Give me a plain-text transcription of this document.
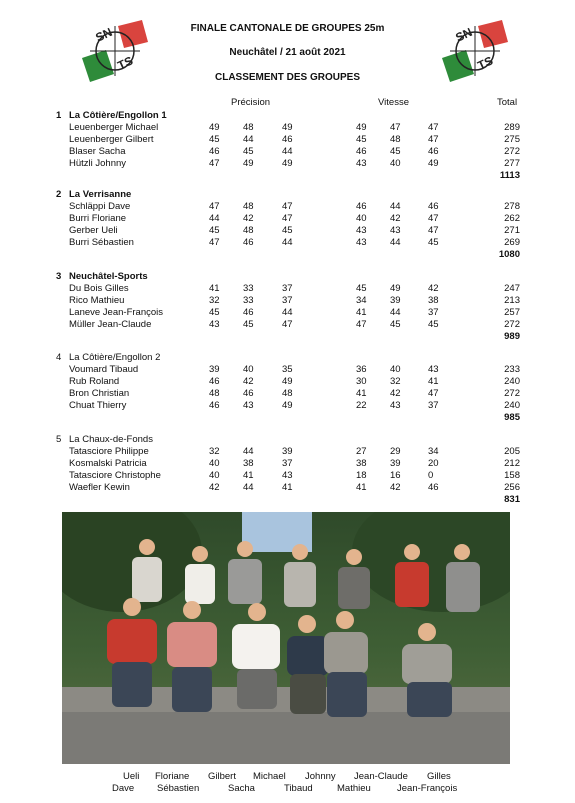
SN
TS
SN
TS
FINALE CANTONALE DE GROUPES 25m
Neuchâtel / 21 août 2021
CLASSEMENT DES GROUPES
Précision	Vitesse	Total
1 La Côtière/Engollon 1
Leuenberger Michael	49	48	49	49	47	47	289
Leuenberger Gilbert	45	44	46	45	48	47	275
Blaser Sacha	46	45	44	46	45	46	272
Hützli Johnny	47	49	49	43	40	49	277
1113
2 La Verrisanne
Schläppi Dave	47	48	47	46	44	46	278
Burri Floriane	44	42	47	40	42	47	262
Gerber Ueli	45	48	45	43	43	47	271
Burri Sébastien	47	46	44	43	44	45	269
1080
3 Neuchâtel-Sports
Du Bois Gilles	41	33	37	45	49	42	247
Rico Mathieu	32	33	37	34	39	38	213
Laneve Jean-François	45	46	44	41	44	37	257
Müller Jean-Claude	43	45	47	47	45	45	272
989
4 La Côtière/Engollon 2
Voumard Tibaud	39	40	35	36	40	43	233
Rub Roland	46	42	49	30	32	41	240
Bron Christian	48	46	48	41	42	47	272
Chuat Thierry	46	43	49	22	43	37	240
985
5 La Chaux-de-Fonds
Tatasciore Philippe	32	44	39	27	29	34	205
Kosmalski Patricia	40	38	37	38	39	20	212
Tatasciore Christophe	40	41	43	18	16	0	158
Waefler Kewin	42	44	41	41	42	46	256
831
Ueli Floriane Gilbert Michael Johnny Jean-Claude Gilles
Dave Sébastien	Sacha	Tibaud	Mathieu	Jean-François
